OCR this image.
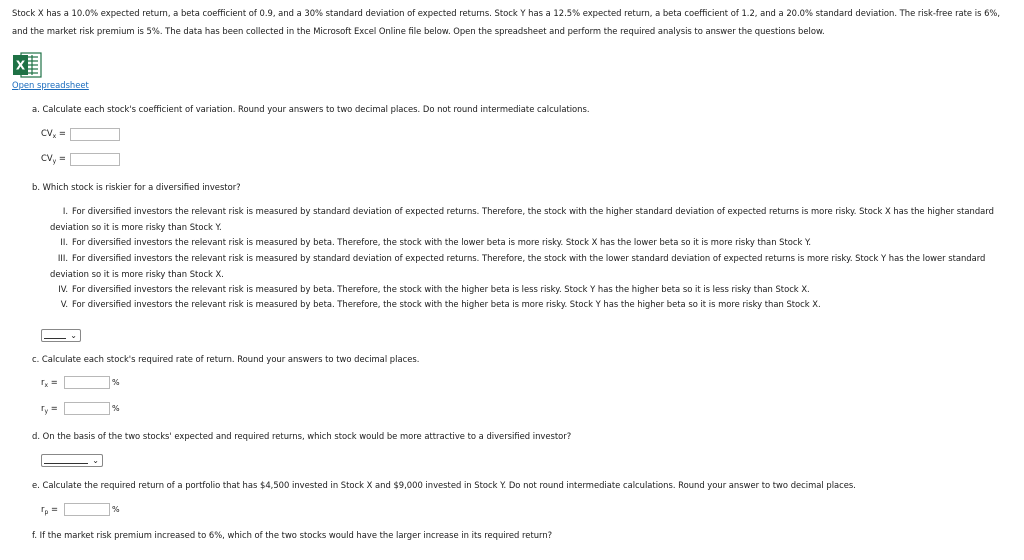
Stock X has a 10.0% expected return, a beta coefficient of 0.9, and a 30% standard deviation of expected returns. Stock Y has a 12.5% expected return, a beta coefficient of 1.2, and a 20.0% standard deviation. The risk-free rate is 6%, and the market risk premium is 5%. The data has been collected in the Microsoft Excel Online file below. Open the spreadsheet and perform the required analysis to answer the questions below.
X
Open spreadsheet
a. Calculate each stock's coefficient of variation. Round your answers to two decimal places. Do not round intermediate calculations.
$CV_x$ =
$CV_y$ =
b. Which stock is riskier for a diversified investor?
I. For diversified investors the relevant risk is measured by standard deviation of expected returns. Therefore, the stock with the higher standard deviation of expected returns is more risky. Stock X has the higher standard deviation so it is more risky than Stock Y.
II. For diversified investors the relevant risk is measured by beta. Therefore, the stock with the lower beta is more risky. Stock X has the lower beta so it is more risky than Stock Y.
III. For diversified investors the relevant risk is measured by standard deviation of expected returns. Therefore, the stock with the lower standard deviation of expected returns is more risky. Stock Y has the lower standard deviation so it is more risky than Stock X.
IV. For diversified investors the relevant risk is measured by beta. Therefore, the stock with the higher beta is less risky. Stock Y has the higher beta so it is less risky than Stock X.
V. For diversified investors the relevant risk is measured by beta. Therefore, the stock with the higher beta is more risky. Stock Y has the higher beta so it is more risky than Stock X.
⌄
c. Calculate each stock's required rate of return. Round your answers to two decimal places.
$r_x$ =	%
$r_y$ =	%
d. On the basis of the two stocks' expected and required returns, which stock would be more attractive to a diversified investor?
⌄
e. Calculate the required return of a portfolio that has $4,500 invested in Stock X and $9,000 invested in Stock Y. Do not round intermediate calculations. Round your answer to two decimal places.
$r_p$ =	%
f. If the market risk premium increased to 6%, which of the two stocks would have the larger increase in its required return?
